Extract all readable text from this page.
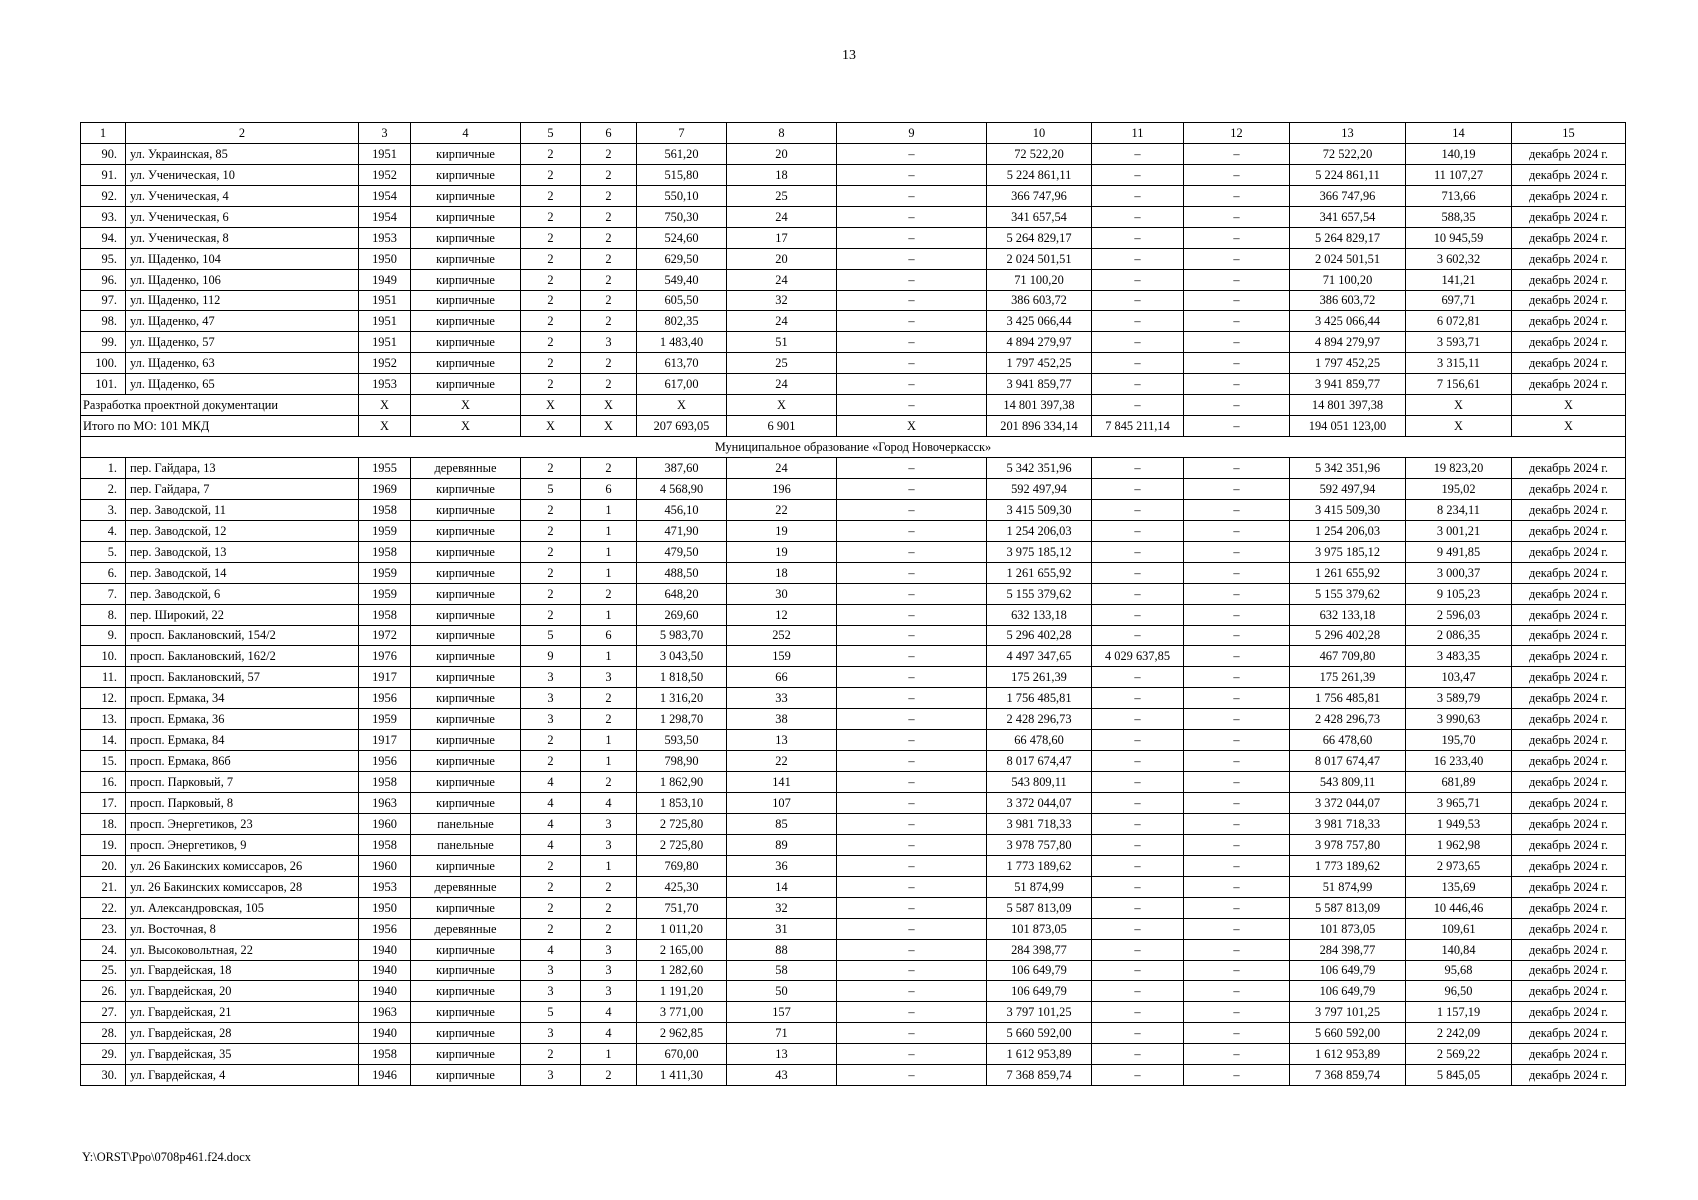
13
1	2	3	4	5	6	7	8	9	10	11	12	13	14	15
90.	ул. Украинская, 85	1951	кирпичные	2	2	561,20	20	–	72 522,20	–	–	72 522,20	140,19	декабрь 2024 г.
91.	ул. Ученическая, 10	1952	кирпичные	2	2	515,80	18	–	5 224 861,11	–	–	5 224 861,11	11 107,27	декабрь 2024 г.
92.	ул. Ученическая, 4	1954	кирпичные	2	2	550,10	25	–	366 747,96	–	–	366 747,96	713,66	декабрь 2024 г.
93.	ул. Ученическая, 6	1954	кирпичные	2	2	750,30	24	–	341 657,54	–	–	341 657,54	588,35	декабрь 2024 г.
94.	ул. Ученическая, 8	1953	кирпичные	2	2	524,60	17	–	5 264 829,17	–	–	5 264 829,17	10 945,59	декабрь 2024 г.
95.	ул. Щаденко, 104	1950	кирпичные	2	2	629,50	20	–	2 024 501,51	–	–	2 024 501,51	3 602,32	декабрь 2024 г.
96.	ул. Щаденко, 106	1949	кирпичные	2	2	549,40	24	–	71 100,20	–	–	71 100,20	141,21	декабрь 2024 г.
97.	ул. Щаденко, 112	1951	кирпичные	2	2	605,50	32	–	386 603,72	–	–	386 603,72	697,71	декабрь 2024 г.
98.	ул. Щаденко, 47	1951	кирпичные	2	2	802,35	24	–	3 425 066,44	–	–	3 425 066,44	6 072,81	декабрь 2024 г.
99.	ул. Щаденко, 57	1951	кирпичные	2	3	1 483,40	51	–	4 894 279,97	–	–	4 894 279,97	3 593,71	декабрь 2024 г.
100.	ул. Щаденко, 63	1952	кирпичные	2	2	613,70	25	–	1 797 452,25	–	–	1 797 452,25	3 315,11	декабрь 2024 г.
101.	ул. Щаденко, 65	1953	кирпичные	2	2	617,00	24	–	3 941 859,77	–	–	3 941 859,77	7 156,61	декабрь 2024 г.
Разработка проектной документации		X	X	X	X	X	X	–	14 801 397,38	–	–	14 801 397,38	X	X
Итого по МО: 101 МКД		X	X	X	X	207 693,05	6 901	X	201 896 334,14	7 845 211,14	–	194 051 123,00	X	X
Муниципальное образование «Город Новочеркасск»														
1.	пер. Гайдара, 13	1955	деревянные	2	2	387,60	24	–	5 342 351,96	–	–	5 342 351,96	19 823,20	декабрь 2024 г.
2.	пер. Гайдара, 7	1969	кирпичные	5	6	4 568,90	196	–	592 497,94	–	–	592 497,94	195,02	декабрь 2024 г.
3.	пер. Заводской, 11	1958	кирпичные	2	1	456,10	22	–	3 415 509,30	–	–	3 415 509,30	8 234,11	декабрь 2024 г.
4.	пер. Заводской, 12	1959	кирпичные	2	1	471,90	19	–	1 254 206,03	–	–	1 254 206,03	3 001,21	декабрь 2024 г.
5.	пер. Заводской, 13	1958	кирпичные	2	1	479,50	19	–	3 975 185,12	–	–	3 975 185,12	9 491,85	декабрь 2024 г.
6.	пер. Заводской, 14	1959	кирпичные	2	1	488,50	18	–	1 261 655,92	–	–	1 261 655,92	3 000,37	декабрь 2024 г.
7.	пер. Заводской, 6	1959	кирпичные	2	2	648,20	30	–	5 155 379,62	–	–	5 155 379,62	9 105,23	декабрь 2024 г.
8.	пер. Широкий, 22	1958	кирпичные	2	1	269,60	12	–	632 133,18	–	–	632 133,18	2 596,03	декабрь 2024 г.
9.	просп. Баклановский, 154/2	1972	кирпичные	5	6	5 983,70	252	–	5 296 402,28	–	–	5 296 402,28	2 086,35	декабрь 2024 г.
10.	просп. Баклановский, 162/2	1976	кирпичные	9	1	3 043,50	159	–	4 497 347,65	4 029 637,85	–	467 709,80	3 483,35	декабрь 2024 г.
11.	просп. Баклановский, 57	1917	кирпичные	3	3	1 818,50	66	–	175 261,39	–	–	175 261,39	103,47	декабрь 2024 г.
12.	просп. Ермака, 34	1956	кирпичные	3	2	1 316,20	33	–	1 756 485,81	–	–	1 756 485,81	3 589,79	декабрь 2024 г.
13.	просп. Ермака, 36	1959	кирпичные	3	2	1 298,70	38	–	2 428 296,73	–	–	2 428 296,73	3 990,63	декабрь 2024 г.
14.	просп. Ермака, 84	1917	кирпичные	2	1	593,50	13	–	66 478,60	–	–	66 478,60	195,70	декабрь 2024 г.
15.	просп. Ермака, 86б	1956	кирпичные	2	1	798,90	22	–	8 017 674,47	–	–	8 017 674,47	16 233,40	декабрь 2024 г.
16.	просп. Парковый, 7	1958	кирпичные	4	2	1 862,90	141	–	543 809,11	–	–	543 809,11	681,89	декабрь 2024 г.
17.	просп. Парковый, 8	1963	кирпичные	4	4	1 853,10	107	–	3 372 044,07	–	–	3 372 044,07	3 965,71	декабрь 2024 г.
18.	просп. Энергетиков, 23	1960	панельные	4	3	2 725,80	85	–	3 981 718,33	–	–	3 981 718,33	1 949,53	декабрь 2024 г.
19.	просп. Энергетиков, 9	1958	панельные	4	3	2 725,80	89	–	3 978 757,80	–	–	3 978 757,80	1 962,98	декабрь 2024 г.
20.	ул. 26 Бакинских комиссаров, 26	1960	кирпичные	2	1	769,80	36	–	1 773 189,62	–	–	1 773 189,62	2 973,65	декабрь 2024 г.
21.	ул. 26 Бакинских комиссаров, 28	1953	деревянные	2	2	425,30	14	–	51 874,99	–	–	51 874,99	135,69	декабрь 2024 г.
22.	ул. Александровская, 105	1950	кирпичные	2	2	751,70	32	–	5 587 813,09	–	–	5 587 813,09	10 446,46	декабрь 2024 г.
23.	ул. Восточная, 8	1956	деревянные	2	2	1 011,20	31	–	101 873,05	–	–	101 873,05	109,61	декабрь 2024 г.
24.	ул. Высоковольтная, 22	1940	кирпичные	4	3	2 165,00	88	–	284 398,77	–	–	284 398,77	140,84	декабрь 2024 г.
25.	ул. Гвардейская, 18	1940	кирпичные	3	3	1 282,60	58	–	106 649,79	–	–	106 649,79	95,68	декабрь 2024 г.
26.	ул. Гвардейская, 20	1940	кирпичные	3	3	1 191,20	50	–	106 649,79	–	–	106 649,79	96,50	декабрь 2024 г.
27.	ул. Гвардейская, 21	1963	кирпичные	5	4	3 771,00	157	–	3 797 101,25	–	–	3 797 101,25	1 157,19	декабрь 2024 г.
28.	ул. Гвардейская, 28	1940	кирпичные	3	4	2 962,85	71	–	5 660 592,00	–	–	5 660 592,00	2 242,09	декабрь 2024 г.
29.	ул. Гвардейская, 35	1958	кирпичные	2	1	670,00	13	–	1 612 953,89	–	–	1 612 953,89	2 569,22	декабрь 2024 г.
30.	ул. Гвардейская, 4	1946	кирпичные	3	2	1 411,30	43	–	7 368 859,74	–	–	7 368 859,74	5 845,05	декабрь 2024 г.
Y:\ORST\Ppo\0708p461.f24.docx
